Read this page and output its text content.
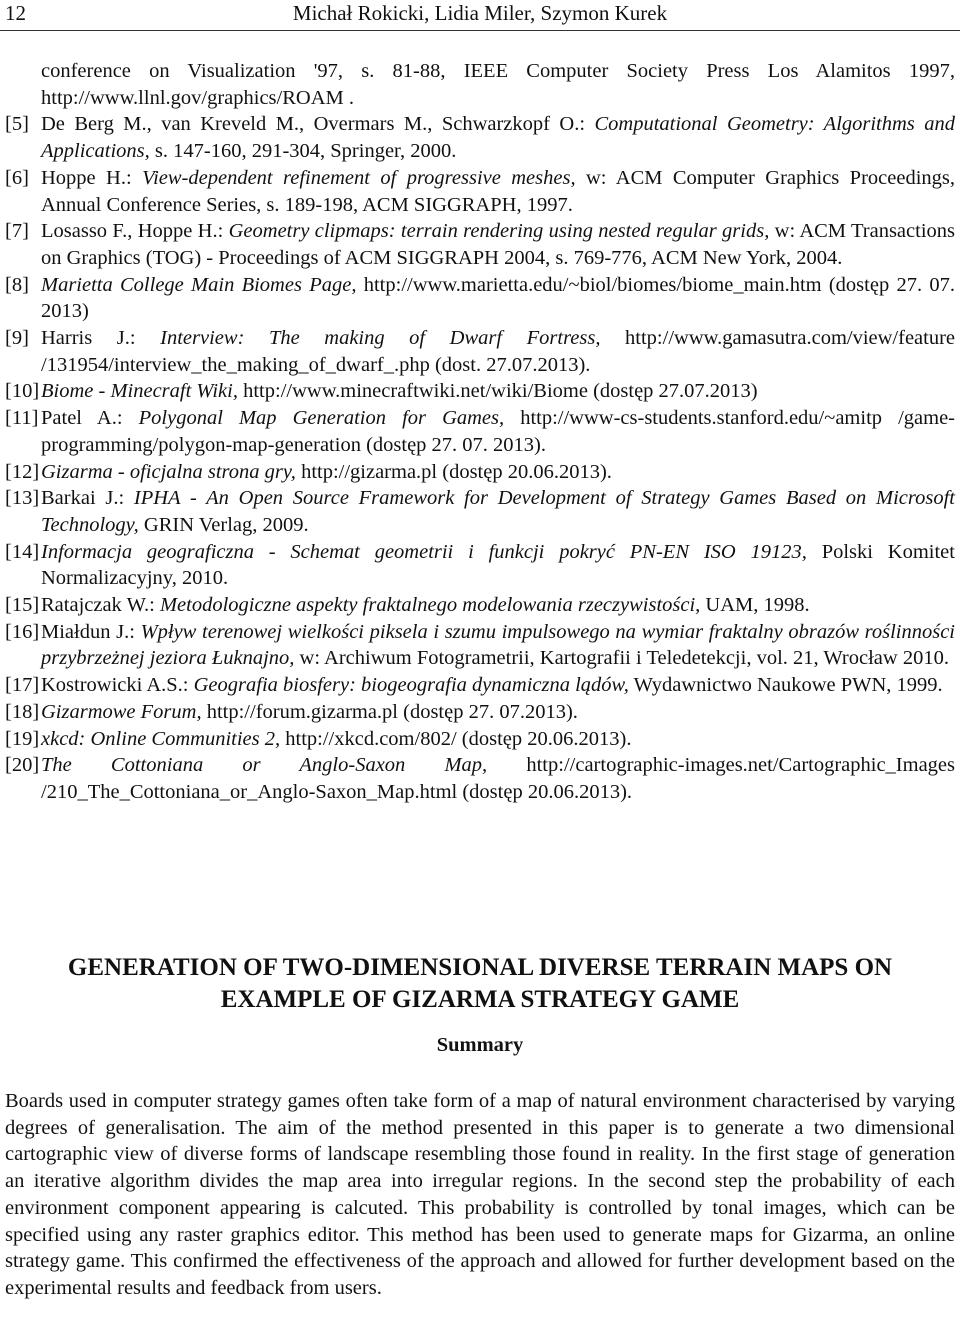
12	Michał Rokicki, Lidia Miler, Szymon Kurek
conference on Visualization '97, s. 81-88, IEEE Computer Society Press Los Alamitos 1997, http://www.llnl.gov/graphics/ROAM .
[5] De Berg M., van Kreveld M., Overmars M., Schwarzkopf O.: Computational Geometry: Algorithms and Applications, s. 147-160, 291-304, Springer, 2000.
[6] Hoppe H.: View-dependent refinement of progressive meshes, w: ACM Computer Graphics Proceedings, Annual Conference Series, s. 189-198, ACM SIGGRAPH, 1997.
[7] Losasso F., Hoppe H.: Geometry clipmaps: terrain rendering using nested regular grids, w: ACM Transactions on Graphics (TOG) - Proceedings of ACM SIGGRAPH 2004, s. 769-776, ACM New York, 2004.
[8] Marietta College Main Biomes Page, http://www.marietta.edu/~biol/biomes/biome_main.htm (dostęp 27. 07. 2013)
[9] Harris J.: Interview: The making of Dwarf Fortress, http://www.gamasutra.com/view/feature /131954/interview_the_making_of_dwarf_.php (dost. 27.07.2013).
[10] Biome - Minecraft Wiki, http://www.minecraftwiki.net/wiki/Biome (dostęp 27.07.2013)
[11] Patel A.: Polygonal Map Generation for Games, http://www-cs-students.stanford.edu/~amitp /game-programming/polygon-map-generation (dostęp 27. 07. 2013).
[12] Gizarma - oficjalna strona gry, http://gizarma.pl (dostęp 20.06.2013).
[13] Barkai J.: IPHA - An Open Source Framework for Development of Strategy Games Based on Microsoft Technology, GRIN Verlag, 2009.
[14] Informacja geograficzna - Schemat geometrii i funkcji pokryć PN-EN ISO 19123, Polski Komitet Normalizacyjny, 2010.
[15] Ratajczak W.: Metodologiczne aspekty fraktalnego modelowania rzeczywistości, UAM, 1998.
[16] Miałdun J.: Wpływ terenowej wielkości piksela i szumu impulsowego na wymiar fraktalny obrazów roślinności przybrzeżnej jeziora Łuknajno, w: Archiwum Fotogrametrii, Kartografii i Teledetekcji, vol. 21, Wrocław 2010.
[17] Kostrowicki A.S.: Geografia biosfery: biogeografia dynamiczna lądów, Wydawnictwo Naukowe PWN, 1999.
[18] Gizarmowe Forum, http://forum.gizarma.pl (dostęp 27. 07.2013).
[19] xkcd: Online Communities 2, http://xkcd.com/802/ (dostęp 20.06.2013).
[20] The Cottoniana or Anglo-Saxon Map, http://cartographic-images.net/Cartographic_Images /210_The_Cottoniana_or_Anglo-Saxon_Map.html (dostęp 20.06.2013).
GENERATION OF TWO-DIMENSIONAL DIVERSE TERRAIN MAPS ON
EXAMPLE OF GIZARMA STRATEGY GAME
Summary

Boards used in computer strategy games often take form of a map of natural environment characterised by varying degrees of generalisation. The aim of the method presented in this paper is to generate a two dimensional cartographic view of diverse forms of landscape resembling those found in reality. In the first stage of generation an iterative algorithm divides the map area into irregular regions. In the second step the probability of each environment component appearing is calcuted. This probability is controlled by tonal images, which can be specified using any raster graphics editor. This method has been used to generate maps for Gizarma, an online strategy game. This confirmed the effectiveness of the approach and allowed for further development based on the experimental results and feedback from users.
